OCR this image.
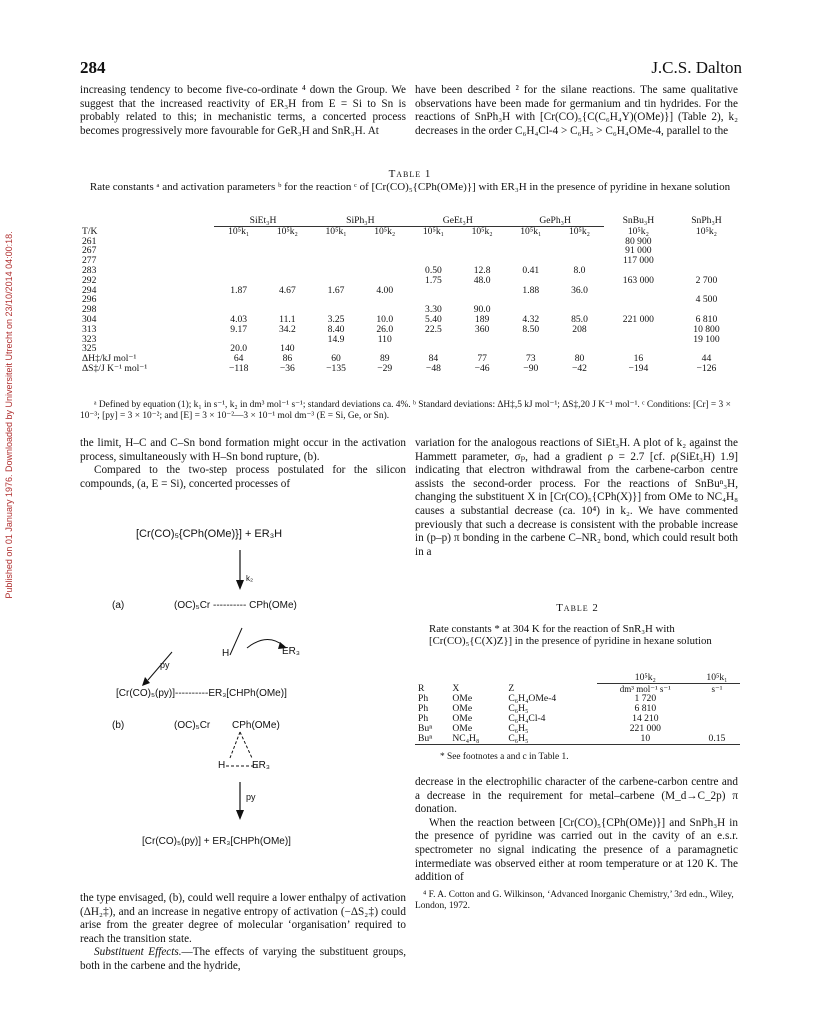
284	J.C.S. Dalton
Published on 01 January 1976. Downloaded by Universiteit Utrecht on 23/10/2014 04:00:18.

increasing tendency to become five-co-ordinate ⁴ down the Group. We suggest that the increased reactivity of ER₃H from E = Si to Sn is probably related to this; in mechanistic terms, a concerted process becomes progressively more favourable for GeR₃H and SnR₃H. At

have been described ² for the silane reactions. The same qualitative observations have been made for germanium and tin hydrides. For the reactions of SnPh₃H with [Cr(CO)₅{C(C₆H₄Y)(OMe)}] (Table 2), k₂ decreases in the order C₆H₄Cl-4 > C₆H₅ > C₆H₄OMe-4, parallel to the

Table 1
Rate constants ᵃ and activation parameters ᵇ for the reaction ᶜ of [Cr(CO)₅{CPh(OMe)}] with ER₃H in the presence of pyridine in hexane solution
	SiEt₃H		SiPh₃H		GeEt₃H		GePh₃H		SnBu₃H	SnPh₃H
T/K	10⁵k₁	10⁵k₂	10⁵k₁	10⁵k₂	10⁵k₁	10⁵k₂	10⁵k₁	10⁵k₂	10⁵k₂	10⁵k₂
261									80 900	
267									91 000	
277									117 000	
283					0.50	12.8	0.41	8.0		
292					1.75	48.0			163 000	2 700
294	1.87	4.67	1.67	4.00			1.88	36.0		
296										4 500
298					3.30	90.0				
304	4.03	11.1	3.25	10.0	5.40	189	4.32	85.0	221 000	6 810
313	9.17	34.2	8.40	26.0	22.5	360	8.50	208		10 800
323			14.9	110						19 100
325	20.0	140								
ΔH‡/kJ mol⁻¹	64	86	60	89	84	77	73	80	16	44
ΔS‡/J K⁻¹ mol⁻¹	−118	−36	−135	−29	−48	−46	−90	−42	−194	−126

ᵃ Defined by equation (1); k₁ in s⁻¹, k₂ in dm³ mol⁻¹ s⁻¹; standard deviations ca. 4%. ᵇ Standard deviations: ΔH‡,5 kJ mol⁻¹; ΔS‡,20 J K⁻¹ mol⁻¹. ᶜ Conditions: [Cr] = 3 × 10⁻³; [py] = 3 × 10⁻²; and [E] = 3 × 10⁻²—3 × 10⁻¹ mol dm⁻³ (E = Si, Ge, or Sn).

the limit, H–C and C–Sn bond formation might occur in the activation process, simultaneously with H–Sn bond rupture, (b).

Compared to the two-step process postulated for the silicon compounds, (a, E = Si), concerted processes of

[Cr(CO)₅{CPh(OMe)}] + ER₃H
k₂
(a)	(OC)₅Cr ---------- CPh(OMe)
H	ER₃
py
[Cr(CO)₅(py)]----------ER₃[CHPh(OMe)]
(b)	(OC)₅Cr CPh(OMe)
H	ER₃
py
[Cr(CO)₅(py)] + ER₃[CHPh(OMe)]

the type envisaged, (b), could well require a lower enthalpy of activation (ΔH₂‡), and an increase in negative entropy of activation (−ΔS₂‡) could arise from the greater degree of molecular ‘organisation’ required to reach the transition state.

Substituent Effects.—The effects of varying the substituent groups, both in the carbene and the hydride,

variation for the analogous reactions of SiEt₃H. A plot of k₂ against the Hammett parameter, σₚ, had a gradient ρ = 2.7 [cf. ρ(SiEt₃H) 1.9] indicating that electron withdrawal from the carbene-carbon centre assists the second-order process. For the reactions of SnBuⁿ₃H, changing the substituent X in [Cr(CO)₅{CPh(X)}] from OMe to NC₄H₈ causes a substantial decrease (ca. 10⁴) in k₂. We have commented previously that such a decrease is consistent with the probable increase in (p–p) π bonding in the carbene C–NR₂ bond, which could result both in a

Table 2
Rate constants * at 304 K for the reaction of SnR₃H with [Cr(CO)₅{C(X)Z}] in the presence of pyridine in hexane solution
			10⁵k₂	10⁵k₁
R	X	Z	dm³ mol⁻¹ s⁻¹	s⁻¹
Ph	OMe	C₆H₄OMe-4	1 720	
Ph	OMe	C₆H₅	6 810	
Ph	OMe	C₆H₄Cl-4	14 210	
Buⁿ	OMe	C₆H₅	221 000	
Buⁿ	NC₄H₈	C₆H₅	10	0.15
* See footnotes a and c in Table 1.

decrease in the electrophilic character of the carbene-carbon centre and a decrease in the requirement for metal–carbene (M_d→C_2p) π donation.

When the reaction between [Cr(CO)₅{CPh(OMe)}] and SnPh₃H in the presence of pyridine was carried out in the cavity of an e.s.r. spectrometer no signal indicating the presence of a paramagnetic intermediate was observed either at room temperature or at 120 K. The addition of

⁴ F. A. Cotton and G. Wilkinson, ‘Advanced Inorganic Chemistry,’ 3rd edn., Wiley, London, 1972.
